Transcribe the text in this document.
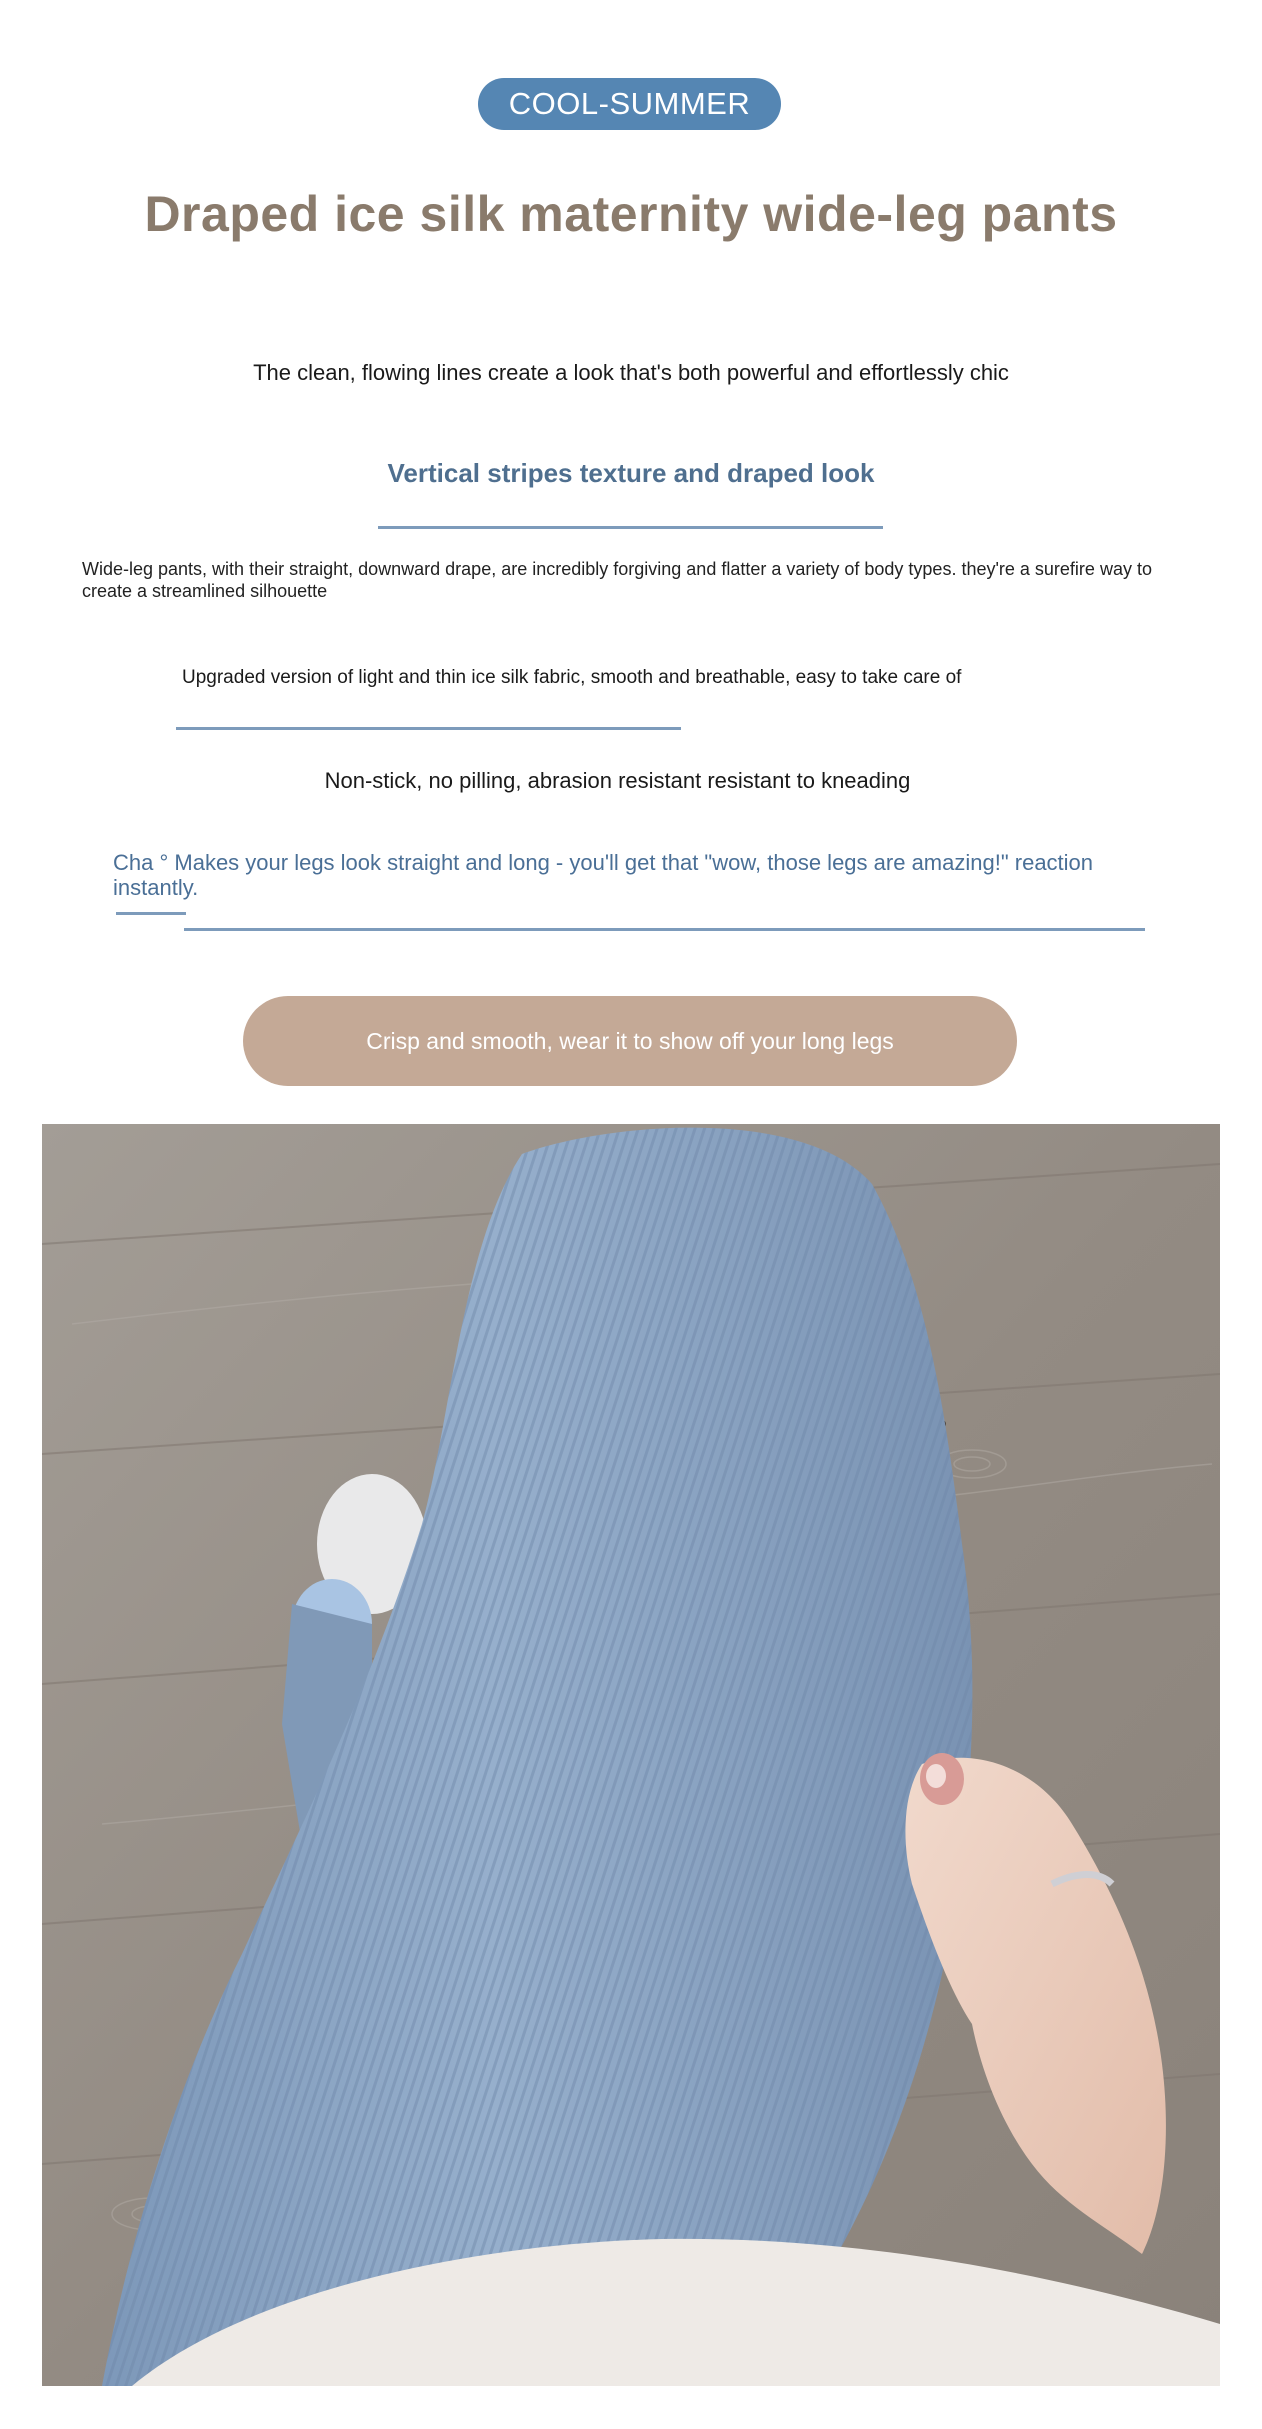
COOL-SUMMER
Draped ice silk maternity wide-leg pants

The clean, flowing lines create a look that's both powerful and effortlessly chic

Vertical stripes texture and draped look

Wide-leg pants, with their straight, downward drape, are incredibly forgiving and flatter a variety of body types. they're a surefire way to create a streamlined silhouette

Upgraded version of light and thin ice silk fabric, smooth and breathable, easy to take care of

Non-stick, no pilling, abrasion resistant resistant to kneading

Cha ° Makes your legs look straight and long - you'll get that "wow, those legs are amazing!" reaction instantly.

Crisp and smooth, wear it to show off your long legs
